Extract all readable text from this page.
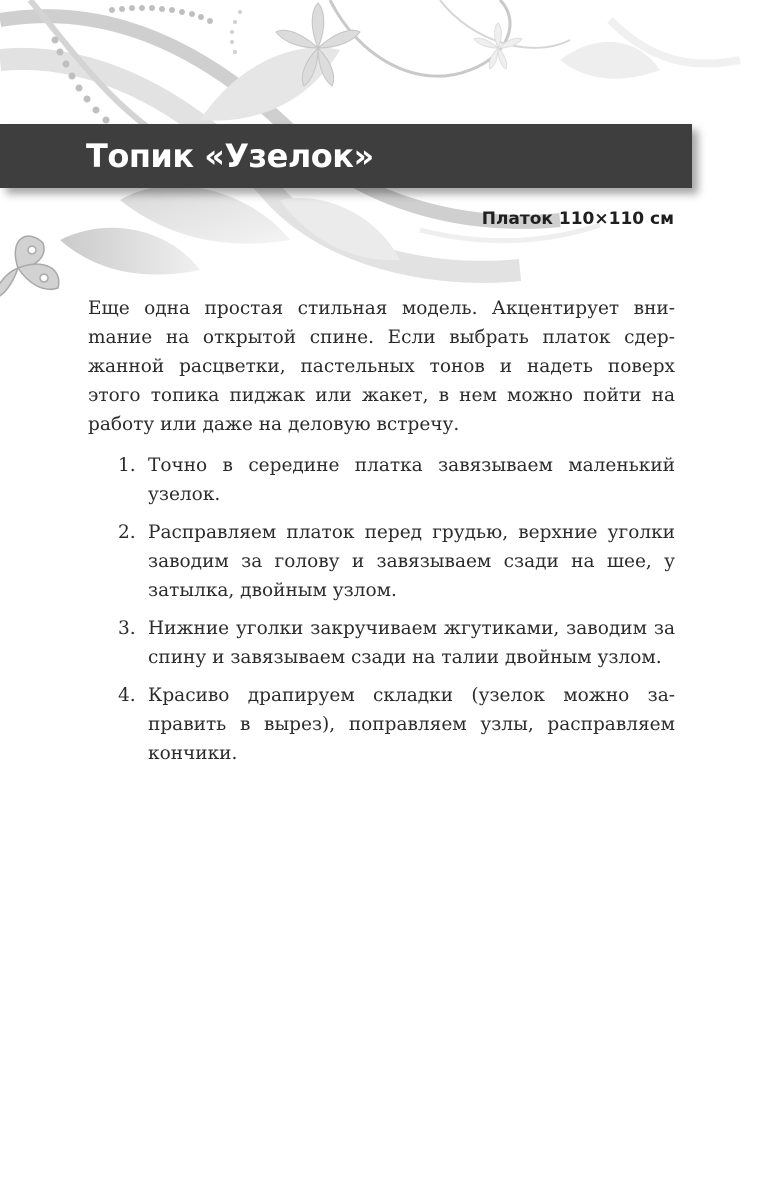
Топик «Узелок»
Платок 110×110 см

Еще одна простая стильная модель. Акцентирует вниmание на открытой спине. Если выбрать платок сдержанной расцветки, пастельных тонов и надеть поверх этого топика пиджак или жакет, в нем можно пойти на работу или даже на деловую встречу.

1. Точно в середине платка завязываем маленький узелок.
2. Расправляем платок перед грудью, верхние уголки заводим за голову и завязываем сзади на шее, у затылка, двойным узлом.
3. Нижние уголки закручиваем жгутиками, заводим за спину и завязываем сзади на талии двойным узлом.
4. Красиво драпируем складки (узелок можно заправить в вырез), поправляем узлы, расправляем кончики.
